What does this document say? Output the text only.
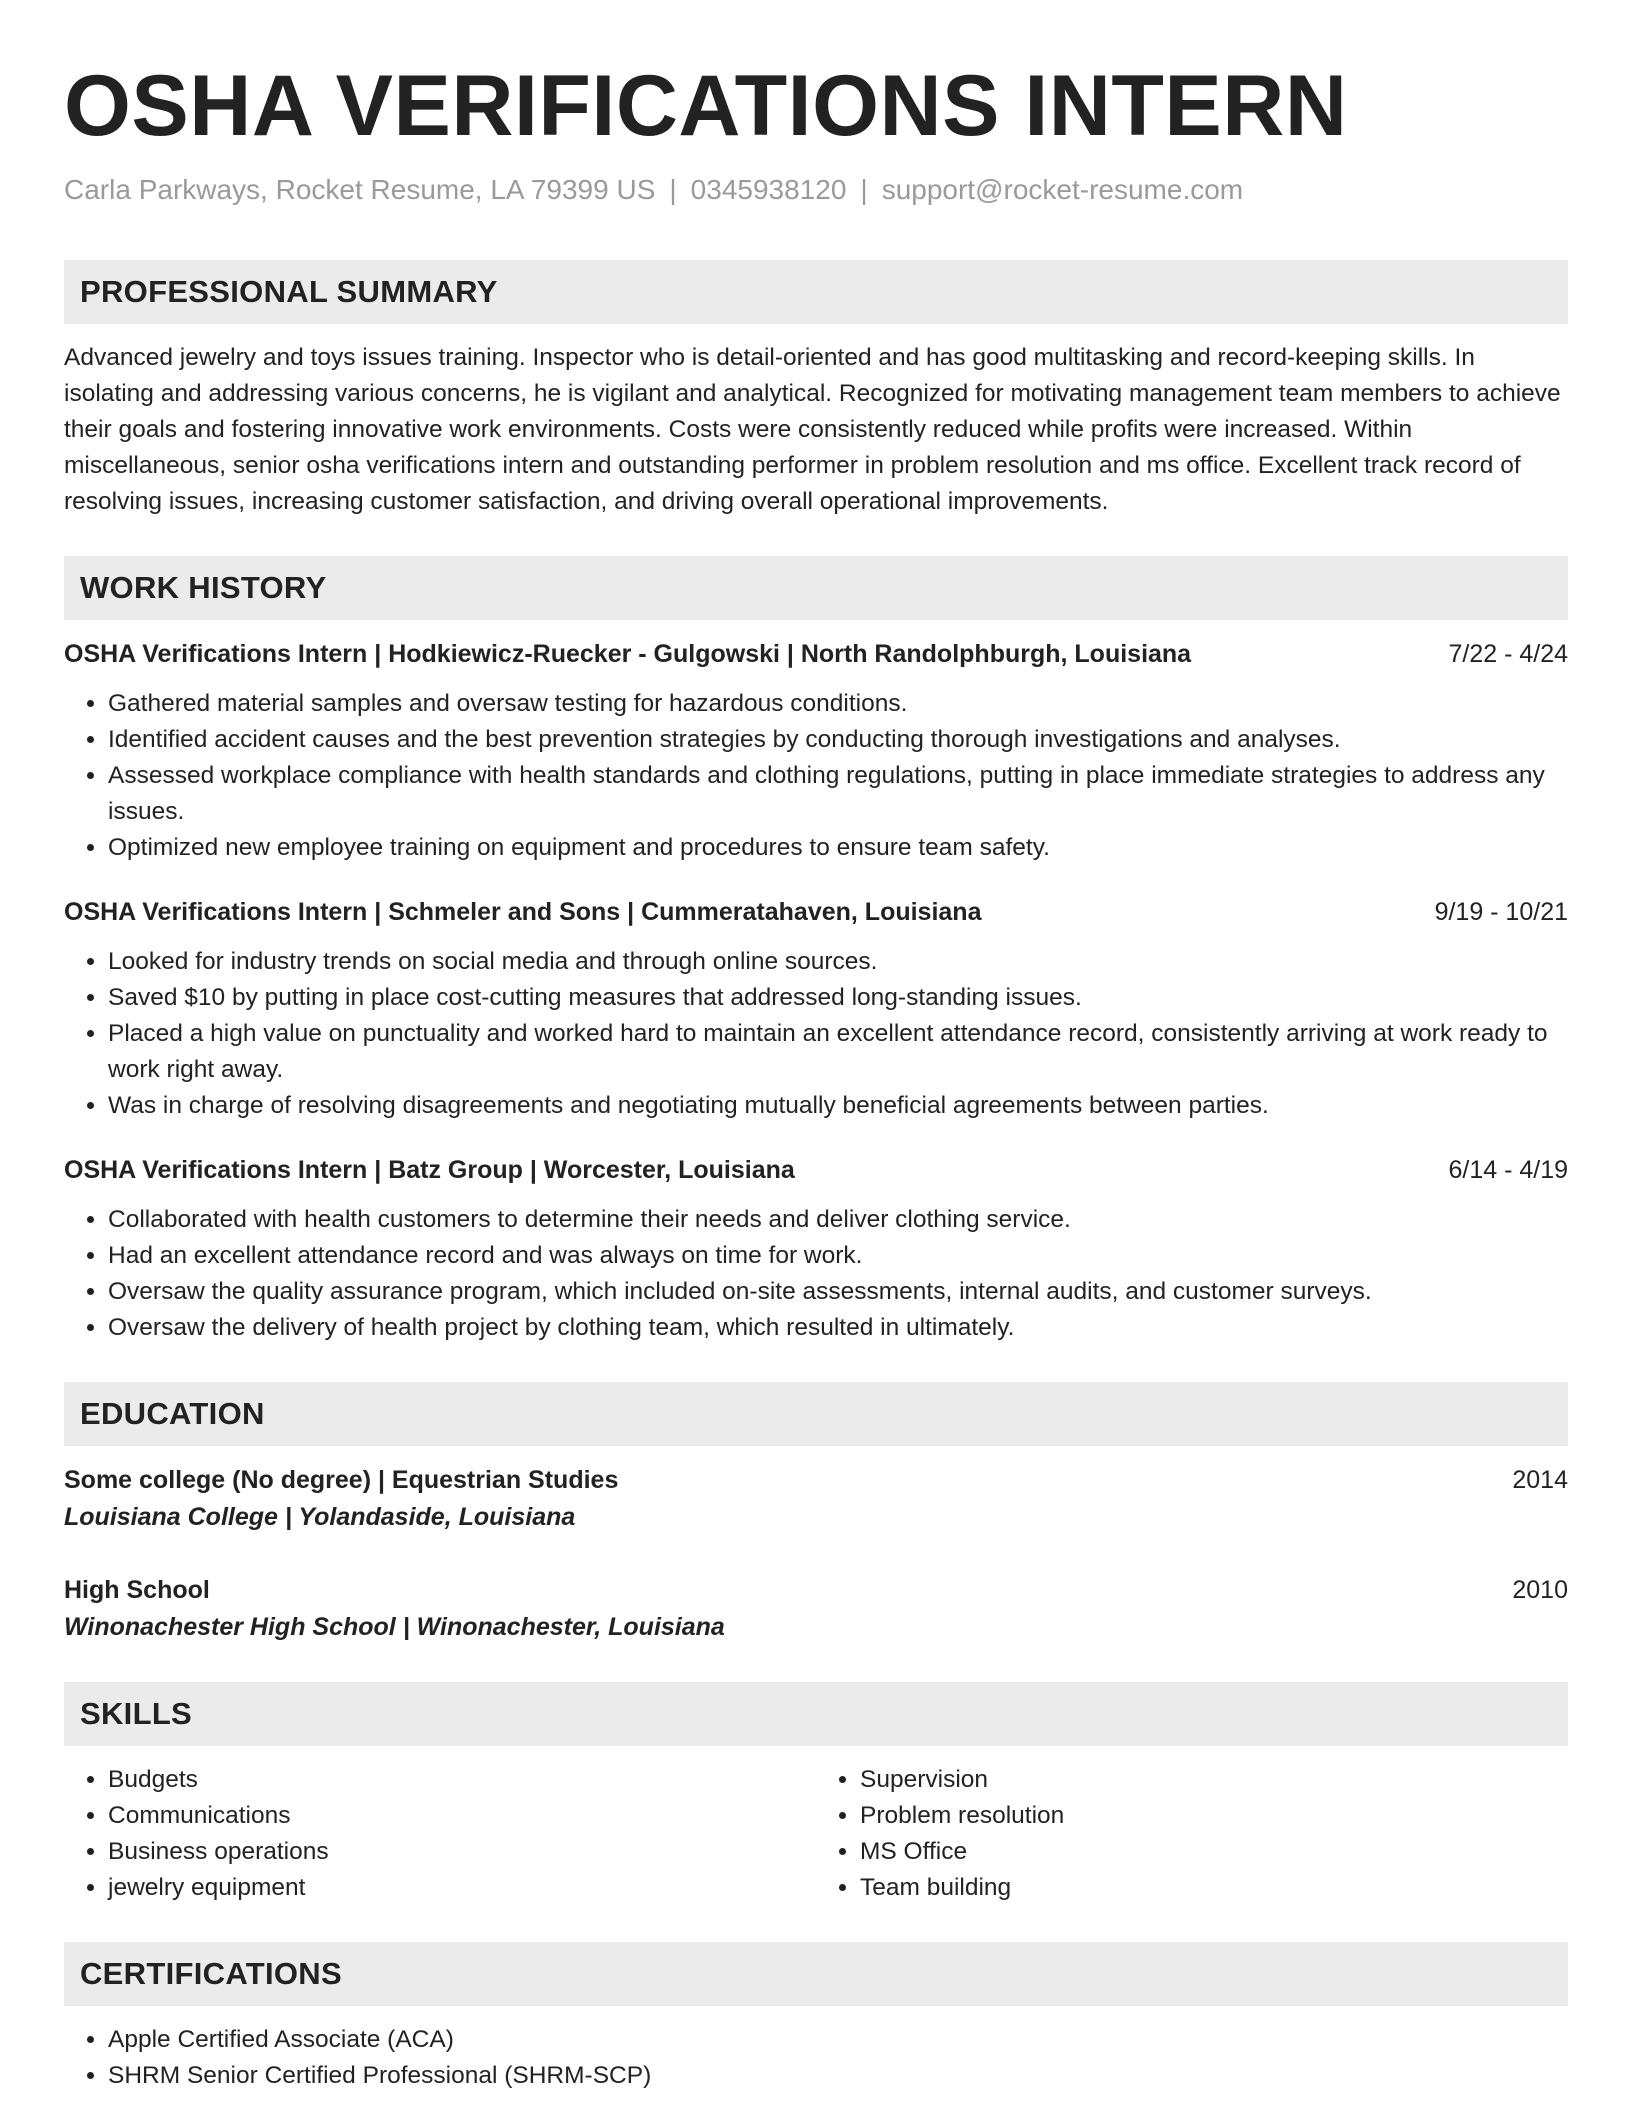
OSHA VERIFICATIONS INTERN
Carla Parkways, Rocket Resume, LA 79399 US | 0345938120 | support@rocket-resume.com
PROFESSIONAL SUMMARY

Advanced jewelry and toys issues training. Inspector who is detail-oriented and has good multitasking and record-keeping skills. In isolating and addressing various concerns, he is vigilant and analytical. Recognized for motivating management team members to achieve their goals and fostering innovative work environments. Costs were consistently reduced while profits were increased. Within miscellaneous, senior osha verifications intern and outstanding performer in problem resolution and ms office. Excellent track record of resolving issues, increasing customer satisfaction, and driving overall operational improvements.

WORK HISTORY
OSHA Verifications Intern | Hodkiewicz-Ruecker - Gulgowski | North Randolphburgh, Louisiana	7/22 - 4/24
• Gathered material samples and oversaw testing for hazardous conditions.
• Identified accident causes and the best prevention strategies by conducting thorough investigations and analyses.
• Assessed workplace compliance with health standards and clothing regulations, putting in place immediate strategies to address any issues.
• Optimized new employee training on equipment and procedures to ensure team safety.
OSHA Verifications Intern | Schmeler and Sons | Cummeratahaven, Louisiana	9/19 - 10/21
• Looked for industry trends on social media and through online sources.
• Saved $10 by putting in place cost-cutting measures that addressed long-standing issues.
• Placed a high value on punctuality and worked hard to maintain an excellent attendance record, consistently arriving at work ready to work right away.
• Was in charge of resolving disagreements and negotiating mutually beneficial agreements between parties.
OSHA Verifications Intern | Batz Group | Worcester, Louisiana	6/14 - 4/19
• Collaborated with health customers to determine their needs and deliver clothing service.
• Had an excellent attendance record and was always on time for work.
• Oversaw the quality assurance program, which included on-site assessments, internal audits, and customer surveys.
• Oversaw the delivery of health project by clothing team, which resulted in ultimately.
EDUCATION
Some college (No degree) | Equestrian Studies	2014
Louisiana College | Yolandaside, Louisiana
High School	2010
Winonachester High School | Winonachester, Louisiana
SKILLS
• Budgets
• Communications
• Business operations
• jewelry equipment
• Supervision
• Problem resolution
• MS Office
• Team building
CERTIFICATIONS
• Apple Certified Associate (ACA)
• SHRM Senior Certified Professional (SHRM-SCP)
